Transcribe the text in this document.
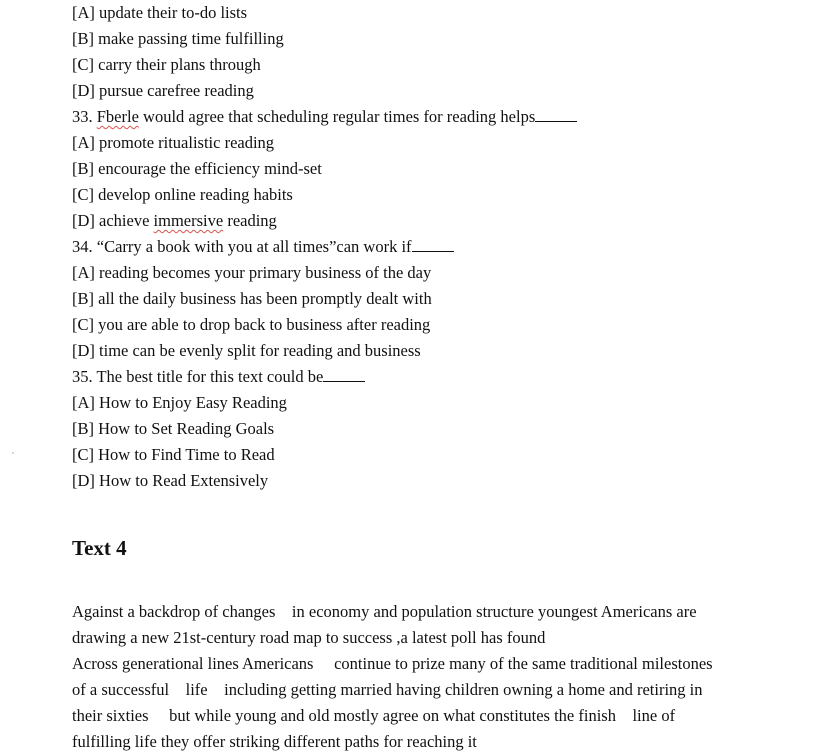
[A] update their to-do lists
[B] make passing time fulfilling
[C] carry their plans through
[D] pursue carefree reading
33. Fberle would agree that scheduling regular times for reading helps
[A] promote ritualistic reading
[B] encourage the efficiency mind-set
[C] develop online reading habits
[D] achieve immersive reading
34. “Carry a book with you at all times”can work if
[A] reading becomes your primary business of the day
[B] all the daily business has been promptly dealt with
[C] you are able to drop back to business after reading
[D] time can be evenly split for reading and business
35. The best title for this text could be
[A] How to Enjoy Easy Reading
[B] How to Set Reading Goals
[C] How to Find Time to Read
[D] How to Read Extensively
Text 4
Against a backdrop of changes    in economy and population structure youngest Americans are
drawing a new 21st-century road map to success ,a latest poll has found
Across generational lines Americans     continue to prize many of the same traditional milestones
of a successful    life    including getting married having children owning a home and retiring in
their sixties     but while young and old mostly agree on what constitutes the finish    line of
fulfilling life they offer striking different paths for reaching it
